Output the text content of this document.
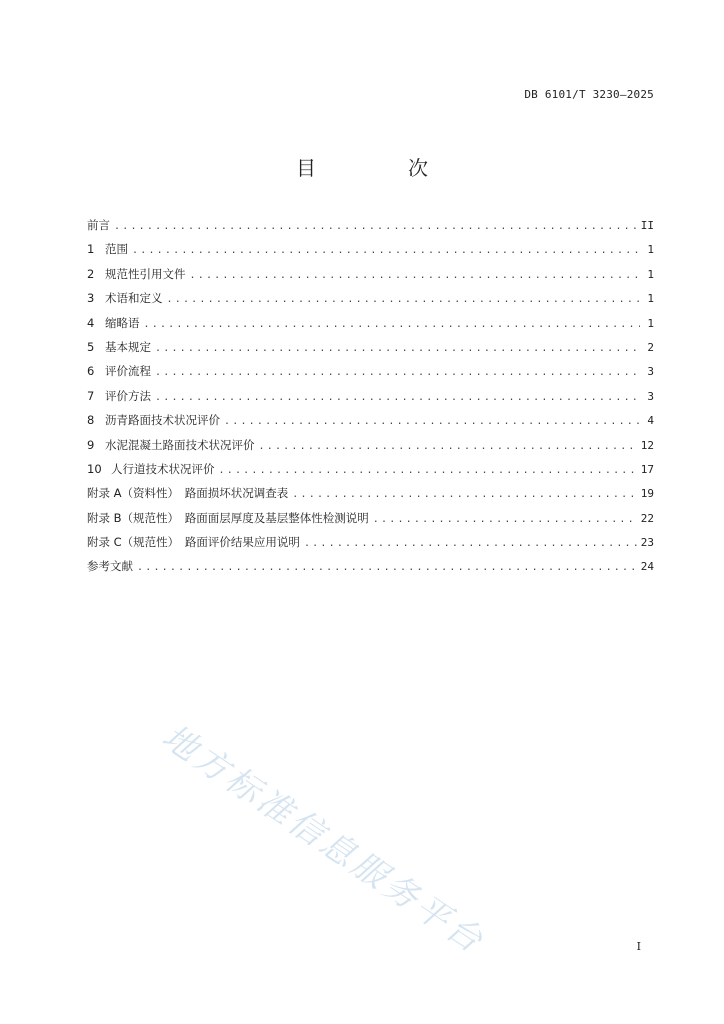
DB 6101/T 3230—2025
目　次
前言 .....	II
1 范围 .....	1
2 规范性引用文件 .....	1
3 术语和定义 .....	1
4 缩略语 .....	1
5 基本规定 .....	2
6 评价流程 .....	3
7 评价方法 .....	3
8 沥青路面技术状况评价 .....	4
9 水泥混凝土路面技术状况评价 .....	12
10 人行道技术状况评价 .....	17
附录 A（资料性）　路面损坏状况调查表 .....	19
附录 B（规范性）　路面面层厚度及基层整体性检测说明 .....	22
附录 C（规范性）　路面评价结果应用说明 .....	23
参考文献 .....	24
地方标准信息服务平台	I
